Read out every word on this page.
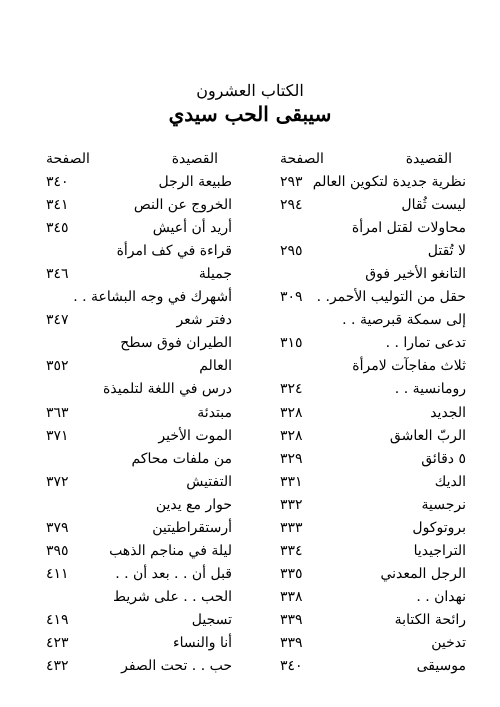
الكتاب العشرون
سيبقى الحب سيدي
القصيدة
الصفحة
نظرية جديدة لتكوين العالم
٢٩٣
ليست ثُقال
٢٩٤
محاولات لقتل امرأة
لا تُقتل
٢٩٥
التانغو الأخير فوق
حقل من التوليب الأحمر. .
٣٠٩
إلى سمكة قبرصية . .
تدعى تمارا . .
٣١٥
ثلاث مفاجآت لامرأة
رومانسية . .
٣٢٤
الجديد
٣٢٨
الربّ العاشق
٣٢٨
٥ دقائق
٣٢٩
الديك
٣٣١
نرجسية
٣٣٢
بروتوكول
٣٣٣
التراجيديا
٣٣٤
الرجل المعدني
٣٣٥
نهدان . .
٣٣٨
رائحة الكتابة
٣٣٩
تدخين
٣٣٩
موسيقى
٣٤٠
القصيدة
الصفحة
طبيعة الرجل
٣٤٠
الخروج عن النص
٣٤١
أريد أن أعيش
٣٤٥
قراءة في كف امرأة
جميلة
٣٤٦
أشهرك في وجه البشاعة . .
دفتر شعر
٣٤٧
الطيران فوق سطح
العالم
٣٥٢
درس في اللغة لتلميذة
مبتدئة
٣٦٣
الموت الأخير
٣٧١
من ملفات محاكم
التفتيش
٣٧٢
حوار مع يدين
أرستقراطيتين
٣٧٩
ليلة في مناجم الذهب
٣٩٥
قبل أن . . بعد أن . .
٤١١
الحب . . على شريط
تسجيل
٤١٩
أنا والنساء
٤٢٣
حب . . تحت الصفر
٤٣٢
